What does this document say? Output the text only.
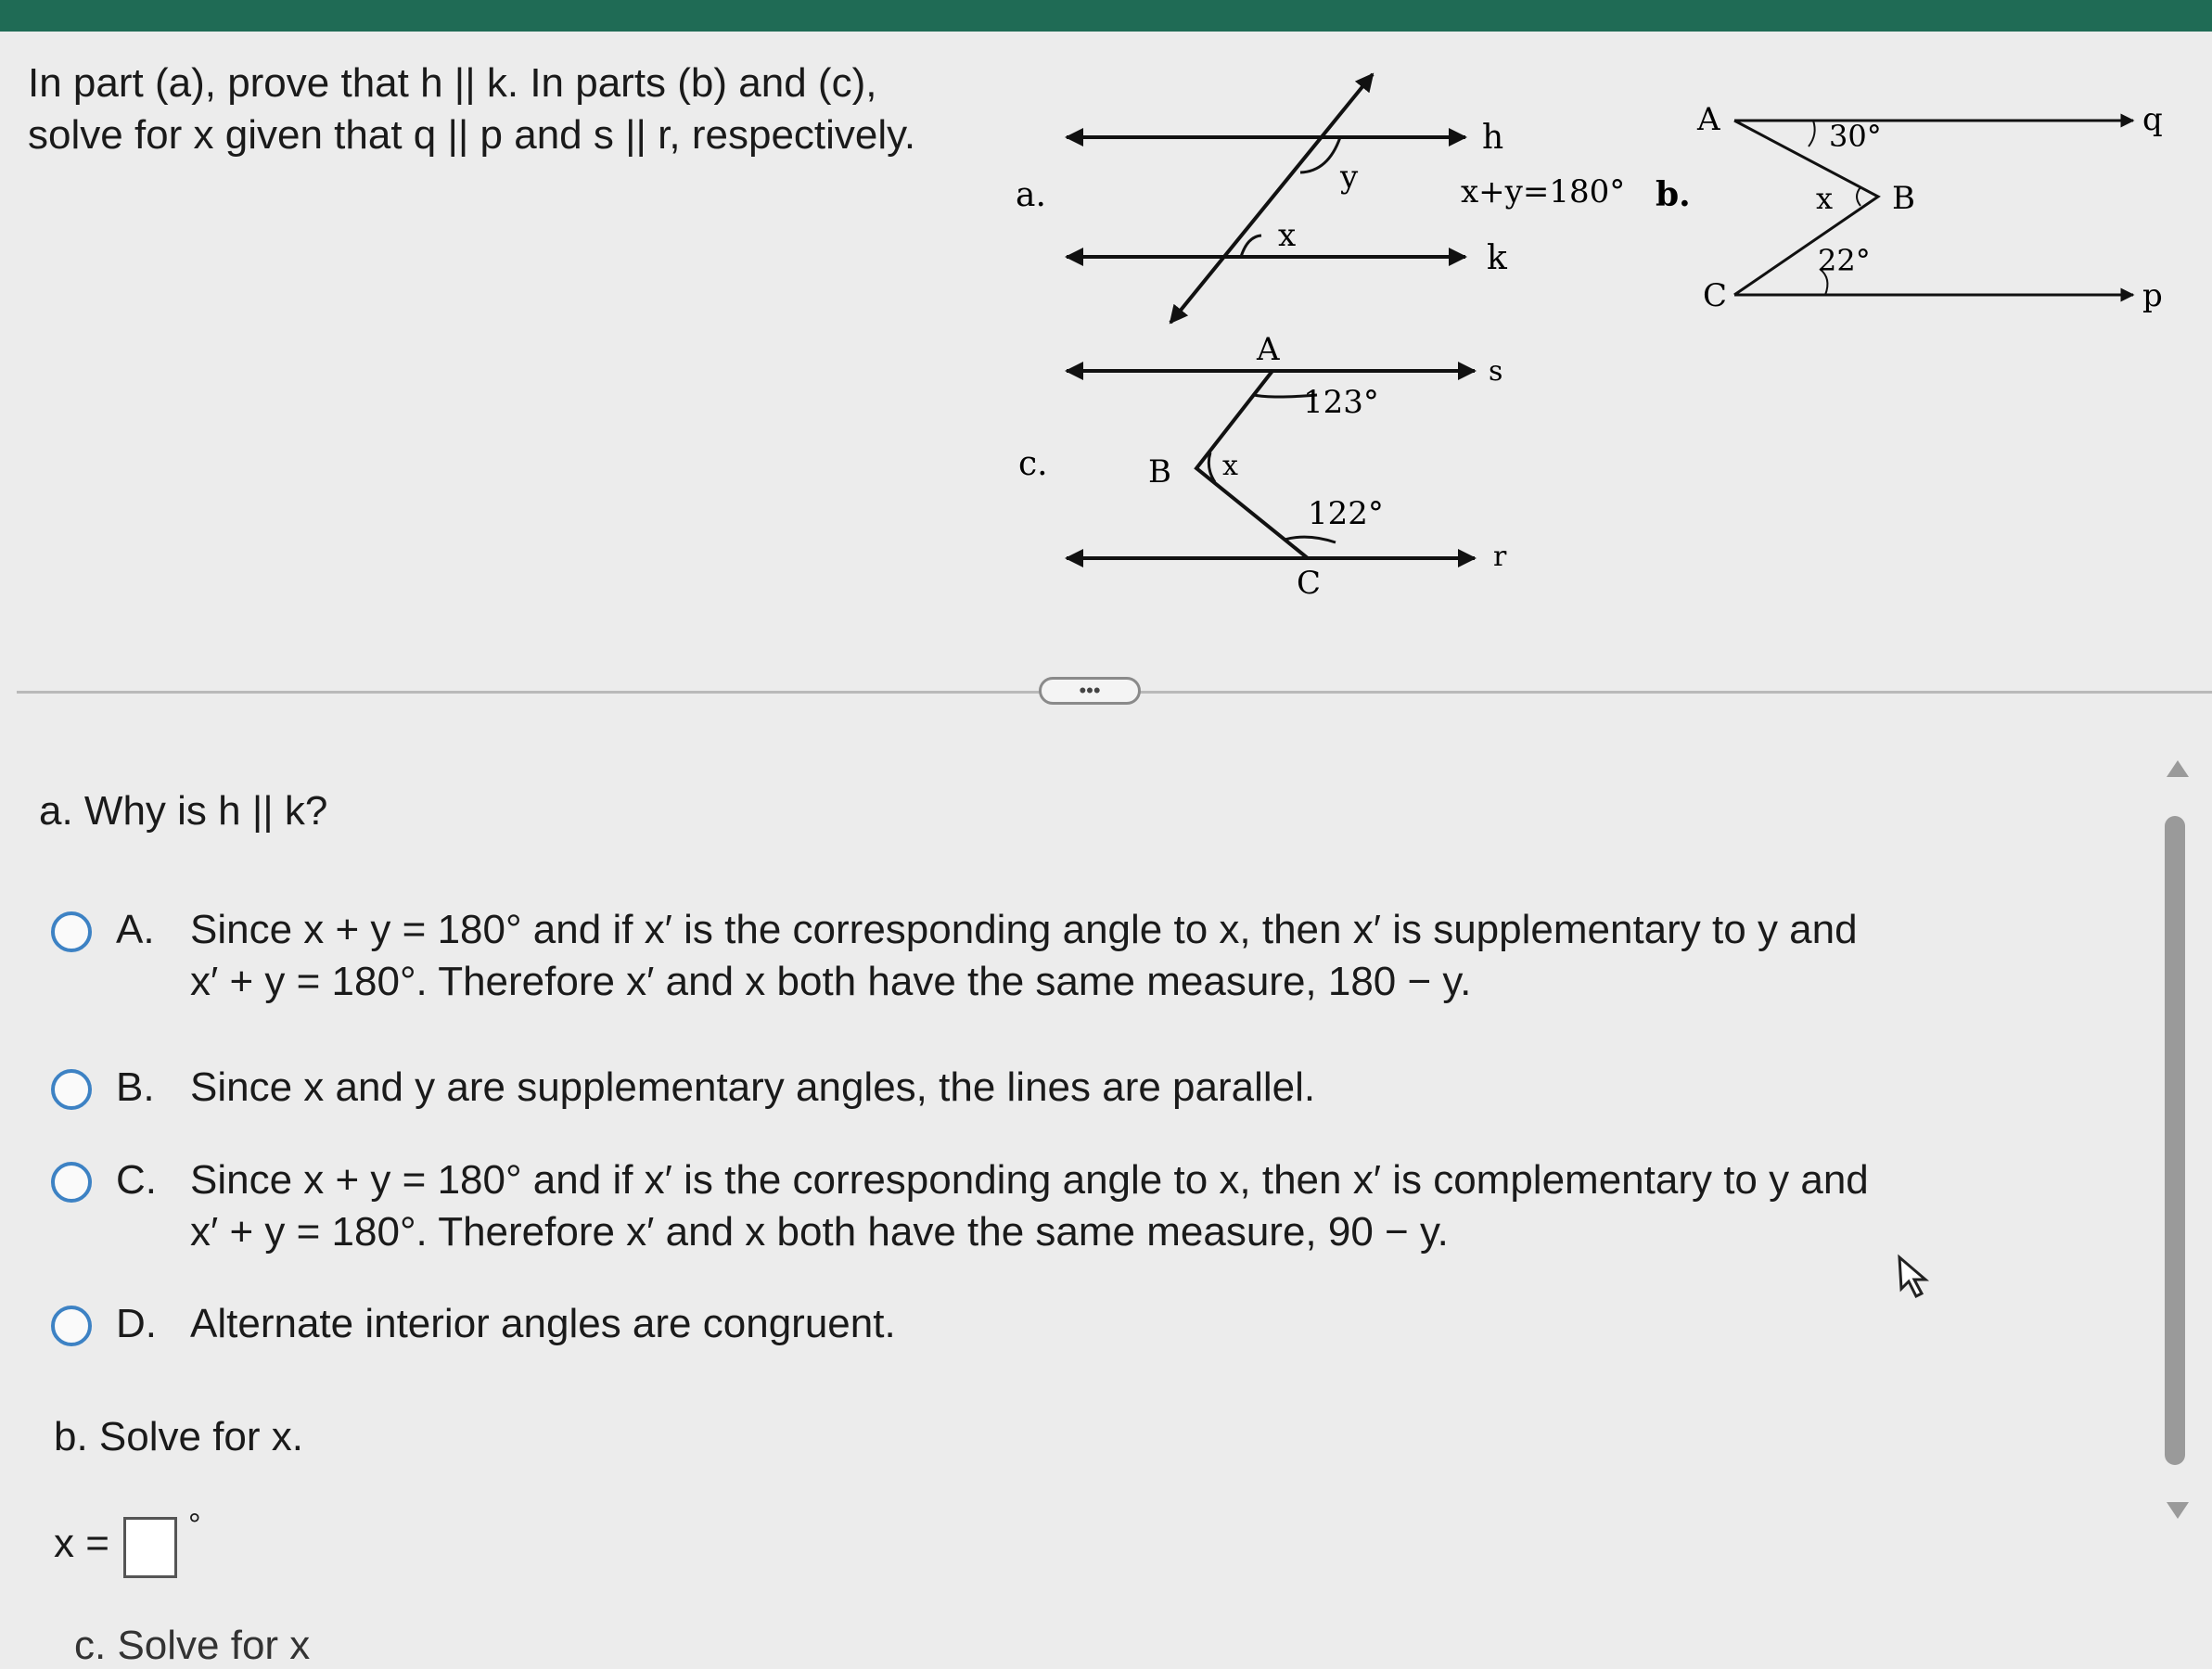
In part (a), prove that h || k. In parts (b) and (c),
solve for x given that q || p and s || r, respectively.
a.
h
k
y
x
x+y=180° b.
A
C
B
30°
22°
x
q
p
c.
A
B
C
123°
122°
x
s
r
•••
a. Why is h || k?
A. Since x + y = 180° and if x′ is the corresponding angle to x, then x′ is supplementary to y and
x′ + y = 180°. Therefore x′ and x both have the same measure, 180 − y.
B. Since x and y are supplementary angles, the lines are parallel.
C. Since x + y = 180° and if x′ is the corresponding angle to x, then x′ is complementary to y and
x′ + y = 180°. Therefore x′ and x both have the same measure, 90 − y.
D. Alternate interior angles are congruent.
b. Solve for x.
x =	°
c. Solve for x
